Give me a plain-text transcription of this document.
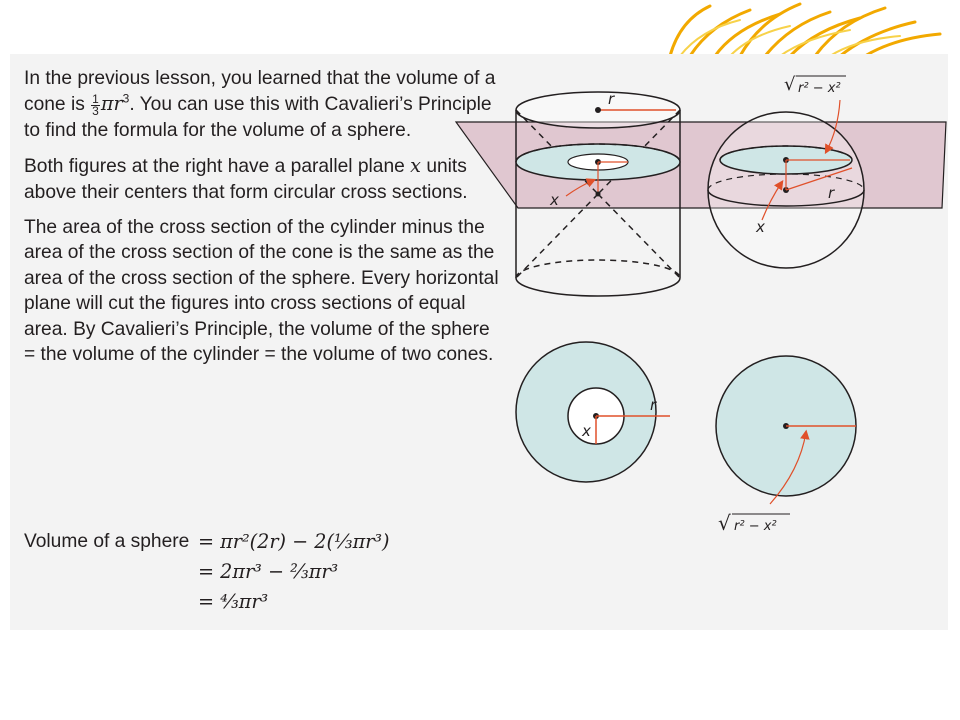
In the previous lesson, you learned that the volume of a cone is $\frac{1}{3} \pi r^3$. You can use this with Cavalieri’s Principle to find the formula for the volume of a sphere.

Both figures at the right have a parallel plane x units above their centers that form circular cross sections.

The area of the cross section of the cylinder minus the area of the cross section of the cone is the same as the area of the cross section of the sphere. Every horizontal plane will cut the figures into cross sections of equal area. By Cavalieri’s Principle, the volume of the sphere = the volume of the cylinder = the volume of two cones.

Volume of a sphere = πr²(2r) − 2(⅓πr³)
= 2πr³ − ⅔πr³
= ⁴⁄₃πr³
r
x	r
x
√ r² − x²
r
x
√ r² − x²
